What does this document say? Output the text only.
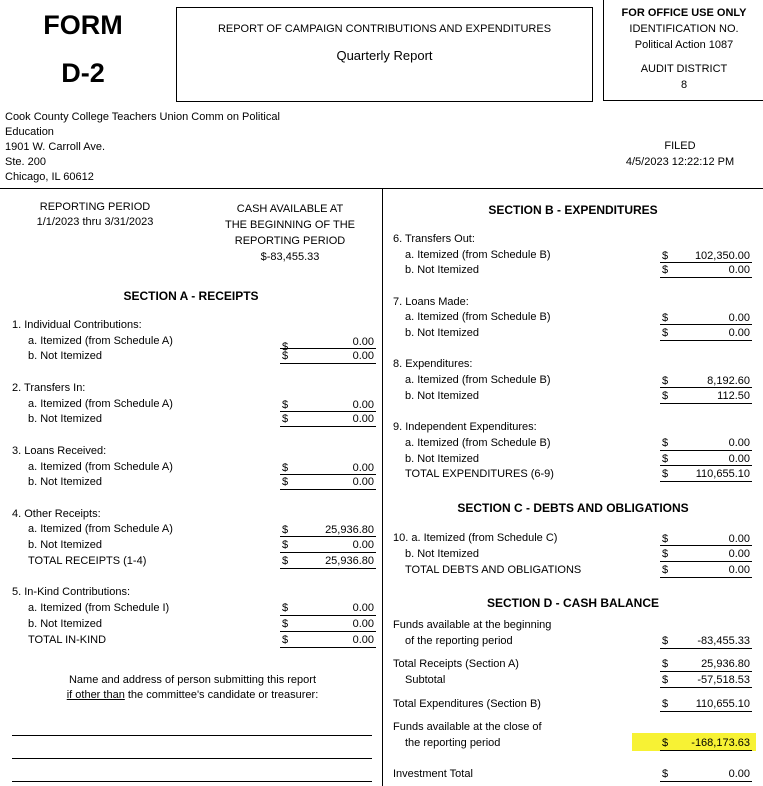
FORM
D-2
REPORT OF CAMPAIGN CONTRIBUTIONS AND EXPENDITURES
Quarterly Report
FOR OFFICE USE ONLY
IDENTIFICATION NO.
Political Action 1087
AUDIT DISTRICT
8
Cook County College Teachers Union Comm on Political
Education
1901 W. Carroll Ave.
Ste. 200
Chicago, IL 60612
FILED
4/5/2023 12:22:12 PM
REPORTING PERIOD
1/1/2023 thru 3/31/2023
CASH AVAILABLE AT
THE BEGINNING OF THE
REPORTING PERIOD
$-83,455.33
SECTION A - RECEIPTS
1. Individual Contributions:
a. Itemized (from Schedule A)	$	0.00
b. Not Itemized	$	0.00
2. Transfers In:
a. Itemized (from Schedule A)	$	0.00
b. Not Itemized	$	0.00
3. Loans Received:
a. Itemized (from Schedule A)	$	0.00
b. Not Itemized	$	0.00
4. Other Receipts:
a. Itemized (from Schedule A)	$	25,936.80
b. Not Itemized	$	0.00
TOTAL RECEIPTS (1-4)	$	25,936.80
5. In-Kind Contributions:
a. Itemized (from Schedule I)	$	0.00
b. Not Itemized	$	0.00
TOTAL IN-KIND	$	0.00
Name and address of person submitting this report
if other than the committee's candidate or treasurer:
SECTION B - EXPENDITURES
6. Transfers Out:
a. Itemized (from Schedule B)	$	102,350.00
b. Not Itemized	$	0.00
7. Loans Made:
a. Itemized (from Schedule B)	$	0.00
b. Not Itemized	$	0.00
8. Expenditures:
a. Itemized (from Schedule B)	$	8,192.60
b. Not Itemized	$	112.50
9. Independent Expenditures:
a. Itemized (from Schedule B)	$	0.00
b. Not Itemized	$	0.00
TOTAL EXPENDITURES (6-9)	$	110,655.10
SECTION C - DEBTS AND OBLIGATIONS
10. a. Itemized (from Schedule C)	$	0.00
b. Not Itemized	$	0.00
TOTAL DEBTS AND OBLIGATIONS	$	0.00
SECTION D - CASH BALANCE
Funds available at the beginning
of the reporting period	$	-83,455.33
Total Receipts (Section A)	$	25,936.80
Subtotal	$	-57,518.53
Total Expenditures (Section B)	$	110,655.10
Funds available at the close of
the reporting period	$	-168,173.63
Investment Total	$	0.00
